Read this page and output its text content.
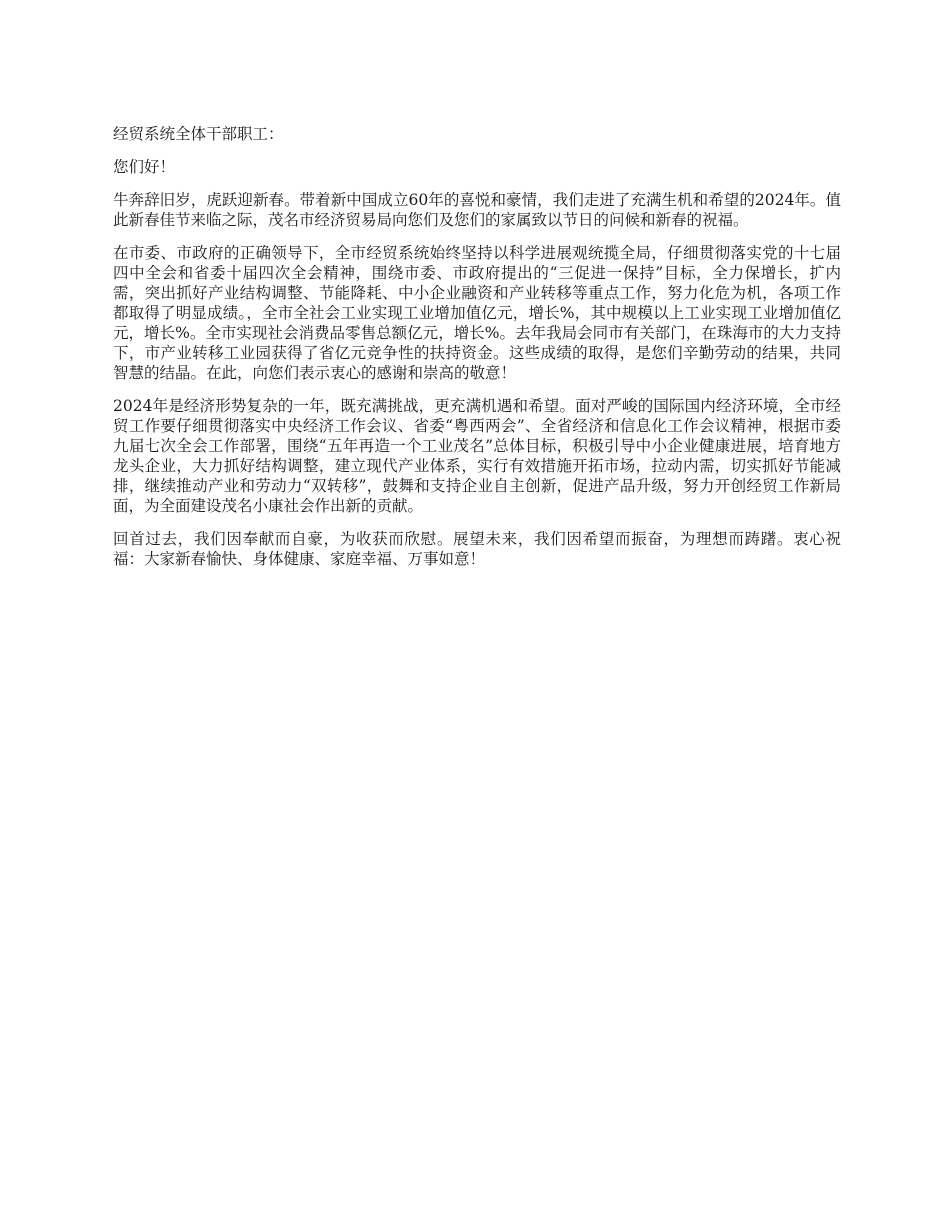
经贸系统全体干部职工：

您们好！

牛奔辞旧岁，虎跃迎新春。带着新中国成立60年的喜悦和豪情，我们走进了充满生机和希望的2024年。值此新春佳节来临之际，茂名市经济贸易局向您们及您们的家属致以节日的问候和新春的祝福。

在市委、市政府的正确领导下，全市经贸系统始终坚持以科学进展观统揽全局，仔细贯彻落实党的十七届四中全会和省委十届四次全会精神，围绕市委、市政府提出的“三促进一保持”目标，全力保增长，扩内需，突出抓好产业结构调整、节能降耗、中小企业融资和产业转移等重点工作，努力化危为机，各项工作都取得了明显成绩。，全市全社会工业实现工业增加值亿元，增长%，其中规模以上工业实现工业增加值亿元，增长%。全市实现社会消费品零售总额亿元，增长%。去年我局会同市有关部门，在珠海市的大力支持下，市产业转移工业园获得了省亿元竞争性的扶持资金。这些成绩的取得，是您们辛勤劳动的结果，共同智慧的结晶。在此，向您们表示衷心的感谢和崇高的敬意！

2024年是经济形势复杂的一年，既充满挑战，更充满机遇和希望。面对严峻的国际国内经济环境，全市经贸工作要仔细贯彻落实中央经济工作会议、省委“粤西两会”、全省经济和信息化工作会议精神，根据市委九届七次全会工作部署，围绕“五年再造一个工业茂名”总体目标，积极引导中小企业健康进展，培育地方龙头企业，大力抓好结构调整，建立现代产业体系，实行有效措施开拓市场，拉动内需，切实抓好节能减排，继续推动产业和劳动力“双转移”，鼓舞和支持企业自主创新，促进产品升级，努力开创经贸工作新局面，为全面建设茂名小康社会作出新的贡献。

回首过去，我们因奉献而自豪，为收获而欣慰。展望未来，我们因希望而振奋，为理想而踌躇。衷心祝福：大家新春愉快、身体健康、家庭幸福、万事如意！
